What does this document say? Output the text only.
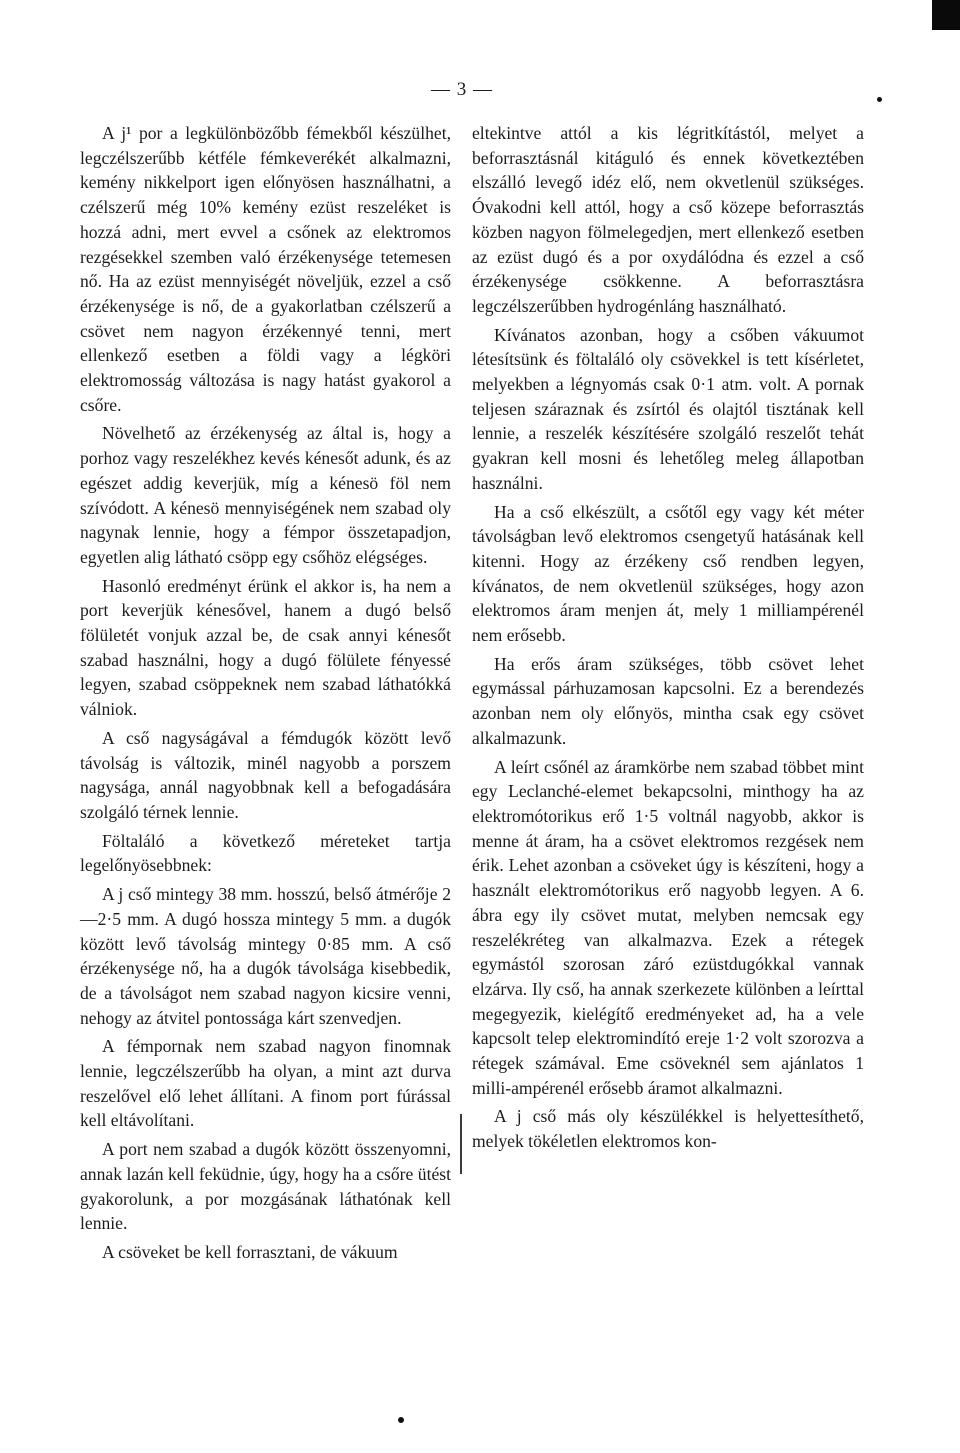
— 3 —

A j¹ por a legkülönbözőbb fémekből készülhet, legczélszerűbb kétféle fémkeverékét alkalmazni, kemény nikkelport igen előnyösen használhatni, a czélszerű még 10% kemény ezüst reszeléket is hozzá adni, mert evvel a csőnek az elektromos rezgésekkel szemben való érzékenysége tetemesen nő. Ha az ezüst mennyiségét növeljük, ezzel a cső érzékenysége is nő, de a gyakorlatban czélszerű a csövet nem nagyon érzékennyé tenni, mert ellenkező esetben a földi vagy a légköri elektromosság változása is nagy hatást gyakorol a csőre.

Növelhető az érzékenység az által is, hogy a porhoz vagy reszelékhez kevés kénesőt adunk, és az egészet addig keverjük, míg a kénesö föl nem szívódott. A kénesö mennyiségének nem szabad oly nagynak lennie, hogy a fémpor összetapadjon, egyetlen alig látható csöpp egy csőhöz elégséges.

Hasonló eredményt érünk el akkor is, ha nem a port keverjük kénesővel, hanem a dugó belső fölületét vonjuk azzal be, de csak annyi kénesőt szabad használni, hogy a dugó fölülete fényessé legyen, szabad csöppeknek nem szabad láthatókká válniok.

A cső nagyságával a fémdugók között levő távolság is változik, minél nagyobb a porszem nagysága, annál nagyobbnak kell a befogadására szolgáló térnek lennie.

Föltaláló a következő méreteket tartja legelőnyösebbnek:

A j cső mintegy 38 mm. hosszú, belső átmérője 2—2·5 mm. A dugó hossza mintegy 5 mm. a dugók között levő távolság mintegy 0·85 mm. A cső érzékenysége nő, ha a dugók távolsága kisebbedik, de a távolságot nem szabad nagyon kicsire venni, nehogy az átvitel pontossága kárt szenvedjen.

A fémpornak nem szabad nagyon finomnak lennie, legczélszerűbb ha olyan, a mint azt durva reszelővel elő lehet állítani. A finom port fúrással kell eltávolítani.

A port nem szabad a dugók között összenyomni, annak lazán kell feküdnie, úgy, hogy ha a csőre ütést gyakorolunk, a por mozgásának láthatónak kell lennie.

A csöveket be kell forrasztani, de vákuum

eltekintve attól a kis légritkítástól, melyet a beforrasztásnál kitáguló és ennek következtében elszálló levegő idéz elő, nem okvetlenül szükséges. Óvakodni kell attól, hogy a cső közepe beforrasztás közben nagyon fölmelegedjen, mert ellenkező esetben az ezüst dugó és a por oxydálódna és ezzel a cső érzékenysége csökkenne. A beforrasztásra legczélszerűbben hydrogénláng használható.

Kívánatos azonban, hogy a csőben vákuumot létesítsünk és föltaláló oly csövekkel is tett kísérletet, melyekben a légnyomás csak 0·1 atm. volt. A pornak teljesen száraznak és zsírtól és olajtól tisztának kell lennie, a reszelék készítésére szolgáló reszelőt tehát gyakran kell mosni és lehetőleg meleg állapotban használni.

Ha a cső elkészült, a csőtől egy vagy két méter távolságban levő elektromos csengetyű hatásának kell kitenni. Hogy az érzékeny cső rendben legyen, kívánatos, de nem okvetlenül szükséges, hogy azon elektromos áram menjen át, mely 1 milliampérenél nem erősebb.

Ha erős áram szükséges, több csövet lehet egymással párhuzamosan kapcsolni. Ez a berendezés azonban nem oly előnyös, mintha csak egy csövet alkalmazunk.

A leírt csőnél az áramkörbe nem szabad többet mint egy Leclanché-elemet bekapcsolni, minthogy ha az elektromótorikus erő 1·5 voltnál nagyobb, akkor is menne át áram, ha a csövet elektromos rezgések nem érik. Lehet azonban a csöveket úgy is készíteni, hogy a használt elektromótorikus erő nagyobb legyen. A 6. ábra egy ily csövet mutat, melyben nemcsak egy reszelékréteg van alkalmazva. Ezek a rétegek egymástól szorosan záró ezüstdugókkal vannak elzárva. Ily cső, ha annak szerkezete különben a leírttal megegyezik, kielégítő eredményeket ad, ha a vele kapcsolt telep elektromindító ereje 1·2 volt szorozva a rétegek számával. Eme csöveknél sem ajánlatos 1 milli-ampérenél erősebb áramot alkalmazni.

A j cső más oly készülékkel is helyettesíthető, melyek tökéletlen elektromos kon-
